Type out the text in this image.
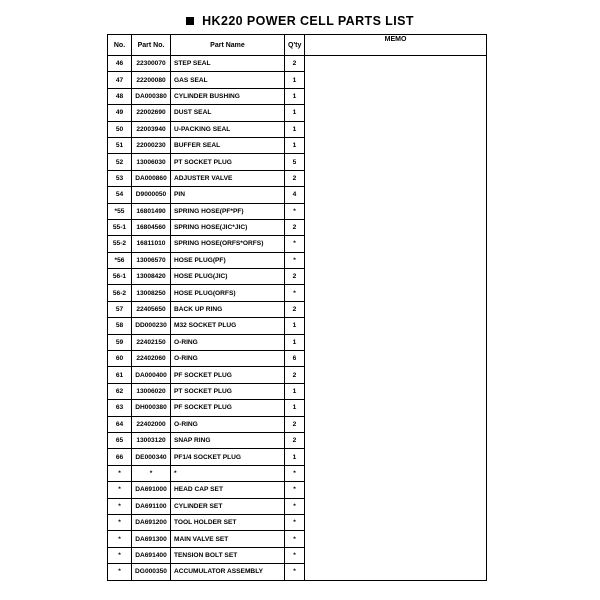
HK220 POWER CELL PARTS LIST
No.	Part No.	Part Name	Q'ty	MEMO
46	22300070	STEP SEAL	2	
47	22200080	GAS SEAL	1	
48	DA000380	CYLINDER BUSHING	1	
49	22002690	DUST SEAL	1	
50	22003940	U-PACKING SEAL	1	
51	22000230	BUFFER SEAL	1	
52	13006030	PT SOCKET PLUG	5	
53	DA000860	ADJUSTER VALVE	2	
54	D9000050	PIN	4	
*55	16801490	SPRING HOSE(PF*PF)	*	
55-1	16804560	SPRING HOSE(JIC*JIC)	2	
55-2	16811010	SPRING HOSE(ORFS*ORFS)	*	
*56	13006570	HOSE PLUG(PF)	*	
56-1	13008420	HOSE PLUG(JIC)	2	
56-2	13008250	HOSE PLUG(ORFS)	*	
57	22405650	BACK UP RING	2	
58	DD000230	M32 SOCKET PLUG	1	
59	22402150	O-RING	1	
60	22402060	O-RING	6	
61	DA000400	PF SOCKET PLUG	2	
62	13006020	PT SOCKET PLUG	1	
63	DH000380	PF SOCKET PLUG	1	
64	22402000	O-RING	2	
65	13003120	SNAP RING	2	
66	DE000340	PF1/4 SOCKET PLUG	1	
*	*	*	*	
*	DA691000	HEAD CAP SET	*	
*	DA691100	CYLINDER SET	*	
*	DA691200	TOOL HOLDER SET	*	
*	DA691300	MAIN VALVE SET	*	
*	DA691400	TENSION BOLT SET	*	
*	DG000350	ACCUMULATOR ASSEMBLY	*	
